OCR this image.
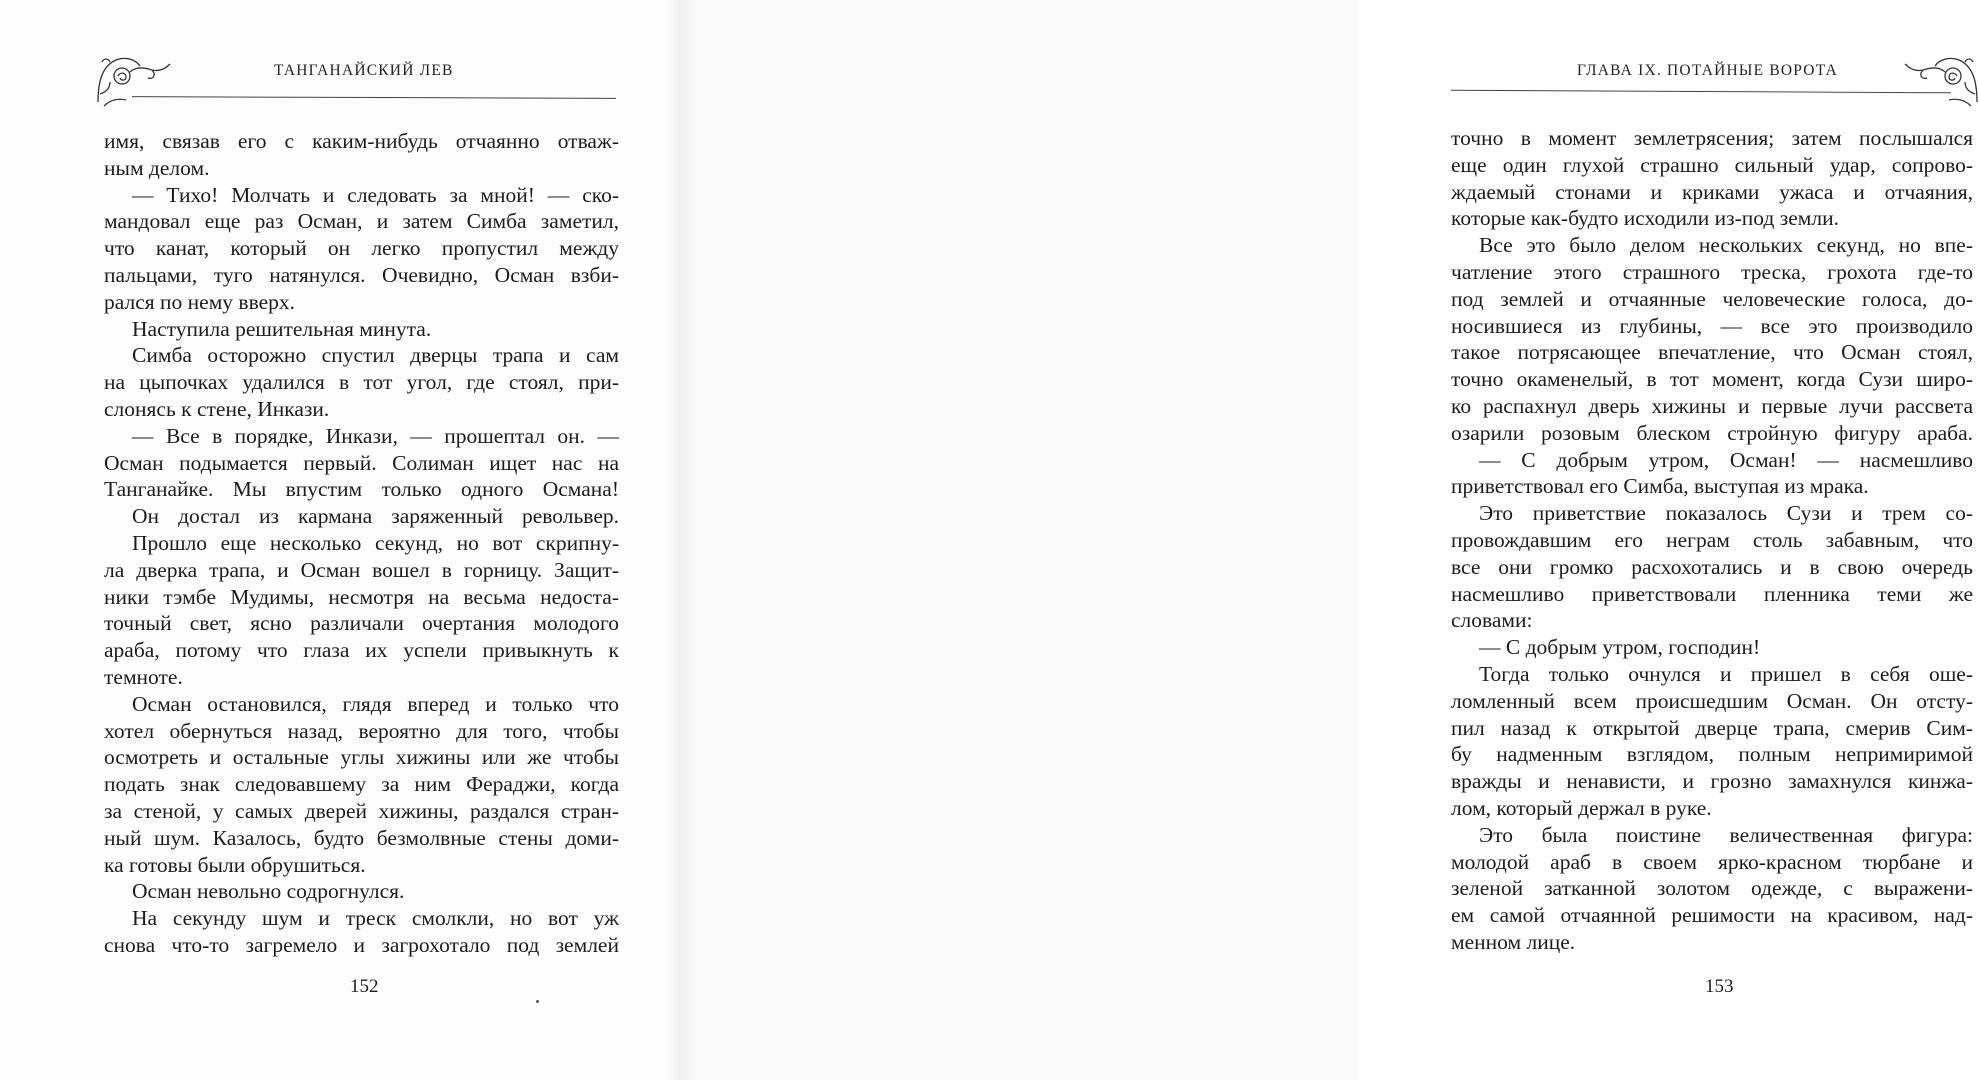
ТАНГАНАЙСКИЙ ЛЕВ
имя, связав его с каким-нибудь отчаянно отваж-
ным делом.
— Тихо! Молчать и следовать за мной! — ско-
мандовал еще раз Осман, и затем Симба заметил,
что канат, который он легко пропустил между
пальцами, туго натянулся. Очевидно, Осман взби-
рался по нему вверх.
Наступила решительная минута.
Симба осторожно спустил дверцы трапа и сам
на цыпочках удалился в тот угол, где стоял, при-
слонясь к стене, Инкази.
— Все в порядке, Инкази, — прошептал он. —
Осман подымается первый. Солиман ищет нас на
Танганайке. Мы впустим только одного Османа!
Он достал из кармана заряженный револьвер.
Прошло еще несколько секунд, но вот скрипну-
ла дверка трапа, и Осман вошел в горницу. Защит-
ники тэмбе Мудимы, несмотря на весьма недоста-
точный свет, ясно различали очертания молодого
араба, потому что глаза их успели привыкнуть к
темноте.
Осман остановился, глядя вперед и только что
хотел обернуться назад, вероятно для того, чтобы
осмотреть и остальные углы хижины или же чтобы
подать знак следовавшему за ним Фераджи, когда
за стеной, у самых дверей хижины, раздался стран-
ный шум. Казалось, будто безмолвные стены доми-
ка готовы были обрушиться.
Осман невольно содрогнулся.
На секунду шум и треск смолкли, но вот уж
снова что-то загремело и загрохотало под землей
152
ГЛАВА IX. ПОТАЙНЫЕ ВОРОТА
точно в момент землетрясения; затем послышался
еще один глухой страшно сильный удар, сопрово-
ждаемый стонами и криками ужаса и отчаяния,
которые как-будто исходили из-под земли.
Все это было делом нескольких секунд, но впе-
чатление этого страшного треска, грохота где-то
под землей и отчаянные человеческие голоса, до-
носившиеся из глубины, — все это производило
такое потрясающее впечатление, что Осман стоял,
точно окаменелый, в тот момент, когда Сузи широ-
ко распахнул дверь хижины и первые лучи рассвета
озарили розовым блеском стройную фигуру араба.
— С добрым утром, Осман! — насмешливо
приветствовал его Симба, выступая из мрака.
Это приветствие показалось Сузи и трем со-
провождавшим его неграм столь забавным, что
все они громко расхохотались и в свою очередь
насмешливо приветствовали пленника теми же
словами:
— С добрым утром, господин!
Тогда только очнулся и пришел в себя оше-
ломленный всем происшедшим Осман. Он отсту-
пил назад к открытой дверце трапа, смерив Сим-
бу надменным взглядом, полным непримиримой
вражды и ненависти, и грозно замахнулся кинжа-
лом, который держал в руке.
Это была поистине величественная фигура:
молодой араб в своем ярко-красном тюрбане и
зеленой затканной золотом одежде, с выражени-
ем самой отчаянной решимости на красивом, над-
менном лице.
153
